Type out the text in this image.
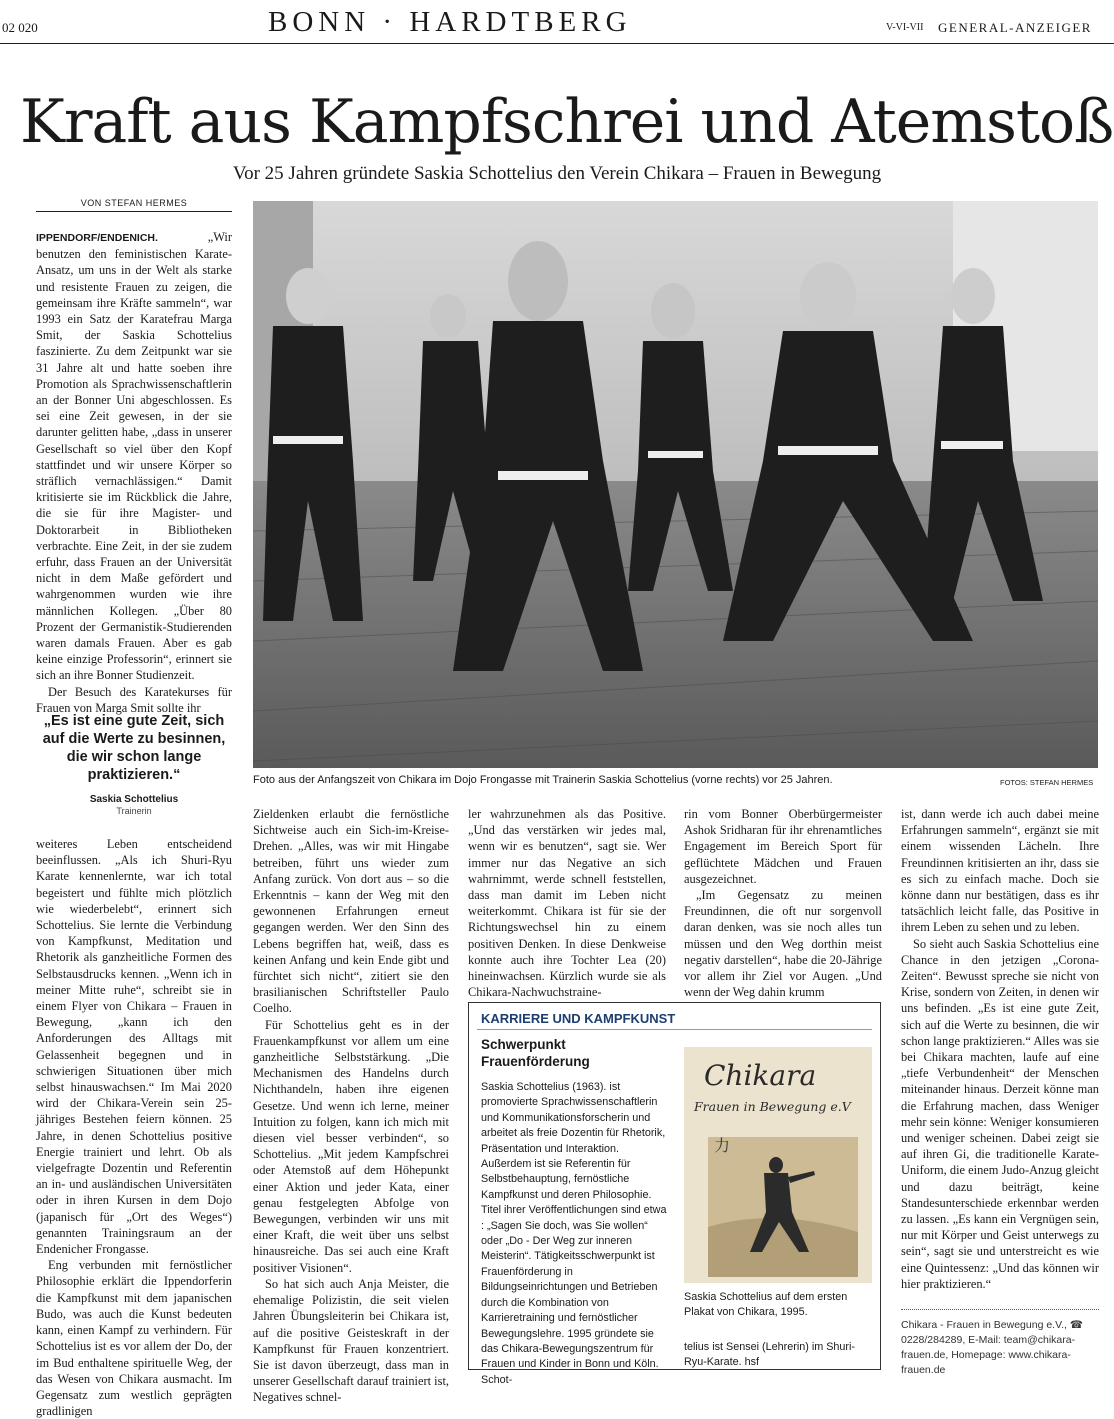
02 020	BONN · HARDTBERG	V-VI-VII GENERAL-ANZEIGER
Kraft aus Kampfschrei und Atemstoß
Vor 25 Jahren gründete Saskia Schottelius den Verein Chikara – Frauen in Bewegung
VON STEFAN HERMES

IPPENDORF/ENDENICH.	„Wir benutzen den feministischen Karate-Ansatz, um uns in der Welt als starke und resistente Frauen zu zeigen, die gemeinsam ihre Kräfte sammeln“, war 1993 ein Satz der Karatefrau Marga Smit, der Saskia Schottelius faszinierte. Zu dem Zeitpunkt war sie 31 Jahre alt und hatte soeben ihre Promotion als Sprachwissenschaftlerin an der Bonner Uni abgeschlossen. Es sei eine Zeit gewesen, in der sie darunter gelitten habe, „dass in unserer Gesellschaft so viel über den Kopf stattfindet und wir unsere Körper so sträflich vernachlässigen.“ Damit kritisierte sie im Rückblick die Jahre, die sie für ihre Magister- und Doktorarbeit in Bibliotheken verbrachte. Eine Zeit, in der sie zudem erfuhr, dass Frauen an der Universität nicht in dem Maße gefördert und wahrgenommen wurden wie ihre männlichen Kollegen. „Über 80 Prozent der Germanistik-Studierenden waren damals Frauen. Aber es gab keine einzige Professorin“, erinnert sie sich an ihre Bonner Studienzeit.

Der Besuch des Karatekurses für Frauen von Marga Smit sollte ihr

„Es ist eine gute Zeit, sich auf die Werte zu besinnen, die wir schon lange praktizieren.“
Saskia Schottelius
Trainerin

weiteres Leben entscheidend beeinflussen. „Als ich Shuri-Ryu Karate kennenlernte, war ich total begeistert und fühlte mich plötzlich wie wiederbelebt“, erinnert sich Schottelius. Sie lernte die Verbindung von Kampfkunst, Meditation und Rhetorik als ganzheitliche Formen des Selbstausdrucks kennen. „Wenn ich in meiner Mitte ruhe“, schreibt sie in einem Flyer von Chikara – Frauen in Bewegung, „kann ich den Anforderungen des Alltags mit Gelassenheit begegnen und in schwierigen Situationen über mich selbst hinauswachsen.“ Im Mai 2020 wird der Chikara-Verein sein 25-jähriges Bestehen feiern können. 25 Jahre, in denen Schottelius positive Energie trainiert und lehrt. Ob als vielgefragte Dozentin und Referentin an in- und ausländischen Universitäten oder in ihren Kursen in dem Dojo (japanisch für „Ort des Weges“) genannten Trainingsraum an der Endenicher Frongasse.

Eng verbunden mit fernöstlicher Philosophie erklärt die Ippendorferin die Kampfkunst mit dem japanischen Budo, was auch die Kunst bedeuten kann, einen Kampf zu verhindern. Für Schottelius ist es vor allem der Do, der im Bud enthaltene spirituelle Weg, der das Wesen von Chikara ausmacht. Im Gegensatz zum westlich geprägten gradlinigen

Foto aus der Anfangszeit von Chikara im Dojo Frongasse mit Trainerin Saskia Schottelius (vorne rechts) vor 25 Jahren.	FOTOS: STEFAN HERMES

Zieldenken erlaubt die fernöstliche Sichtweise auch ein Sich-im-Kreise-Drehen. „Alles, was wir mit Hingabe betreiben, führt uns wieder zum Anfang zurück. Von dort aus – so die Erkenntnis – kann der Weg mit den gewonnenen Erfahrungen erneut gegangen werden. Wer den Sinn des Lebens begriffen hat, weiß, dass es keinen Anfang und kein Ende gibt und fürchtet sich nicht“, zitiert sie den brasilianischen Schriftsteller Paulo Coelho.

Für Schottelius geht es in der Frauenkampfkunst vor allem um eine ganzheitliche Selbststärkung. „Die Mechanismen des Handelns durch Nichthandeln, haben ihre eigenen Gesetze. Und wenn ich lerne, meiner Intuition zu folgen, kann ich mich mit diesen viel besser verbinden“, so Schottelius. „Mit jedem Kampfschrei oder Atemstoß auf dem Höhepunkt einer Aktion und jeder Kata, einer genau festgelegten Abfolge von Bewegungen, verbinden wir uns mit einer Kraft, die weit über uns selbst hinausreiche. Das sei auch eine Kraft positiver Visionen“.

So hat sich auch Anja Meister, die ehemalige Polizistin, die seit vielen Jahren Übungsleiterin bei Chikara ist, auf die positive Geisteskraft in der Kampfkunst für Frauen konzentriert. Sie ist davon überzeugt, dass man in unserer Gesellschaft darauf trainiert ist, Negatives schnel-

ler wahrzunehmen als das Positive. „Und das verstärken wir jedes mal, wenn wir es benutzen“, sagt sie. Wer immer nur das Negative an sich wahrnimmt, werde schnell feststellen, dass man damit im Leben nicht weiterkommt. Chikara ist für sie der Richtungswechsel hin zu einem positiven Denken. In diese Denkweise konnte auch ihre Tochter Lea (20) hineinwachsen. Kürzlich wurde sie als Chikara-Nachwuchstraine-

rin vom Bonner Oberbürgermeister Ashok Sridharan für ihr ehrenamtliches Engagement im Bereich Sport für geflüchtete Mädchen und Frauen ausgezeichnet.

„Im Gegensatz zu meinen Freundinnen, die oft nur sorgenvoll daran denken, was sie noch alles tun müssen und den Weg dorthin meist negativ darstellen“, habe die 20-Jährige vor allem ihr Ziel vor Augen. „Und wenn der Weg dahin krumm

ist, dann werde ich auch dabei meine Erfahrungen sammeln“, ergänzt sie mit einem wissenden Lächeln. Ihre Freundinnen kritisierten an ihr, dass sie es sich zu einfach mache. Doch sie könne dann nur bestätigen, dass es ihr tatsächlich leicht falle, das Positive in ihrem Leben zu sehen und zu leben.

So sieht auch Saskia Schottelius eine Chance in den jetzigen „Corona-Zeiten“. Bewusst spreche sie nicht von Krise, sondern von Zeiten, in denen wir uns befinden. „Es ist eine gute Zeit, sich auf die Werte zu besinnen, die wir schon lange praktizieren.“ Alles was sie bei Chikara machten, laufe auf eine „tiefe Verbundenheit“ der Menschen miteinander hinaus. Derzeit könne man die Erfahrung machen, dass Weniger mehr sein könne: Weniger konsumieren und weniger scheinen. Dabei zeigt sie auf ihren Gi, die traditionelle Karate-Uniform, die einem Judo-Anzug gleicht und dazu beiträgt, keine Standesunterschiede erkennbar werden zu lassen. „Es kann ein Vergnügen sein, nur mit Körper und Geist unterwegs zu sein“, sagt sie und unterstreicht es wie eine Quintessenz: „Und das können wir hier praktizieren.“

KARRIERE UND KAMPFKUNST
Schwerpunkt Frauenförderung
Saskia Schottelius (1963). ist promovierte Sprachwissenschaftlerin und Kommunikationsforscherin und arbeitet als freie Dozentin für Rhetorik, Präsentation und Interaktion. Außerdem ist sie Referentin für Selbstbehauptung, fernöstliche Kampfkunst und deren Philosophie. Titel ihrer Veröffentlichungen sind etwa : „Sagen Sie doch, was Sie wollen“ oder „Do - Der Weg zur inneren Meisterin“. Tätigkeitsschwerpunkt ist Frauenförderung in Bildungseinrichtungen und Betrieben durch die Kombination von Karrieretraining und fernöstlicher Bewegungslehre. 1995 gründete sie das Chikara-Bewegungszentrum für Frauen und Kinder in Bonn und Köln. Schot-
Chikara
Frauen in Bewegung e.V
力
Saskia Schottelius auf dem ersten Plakat von Chikara, 1995.
telius ist Sensei (Lehrerin) im Shuri-Ryu-Karate. hsf
Chikara - Frauen in Bewegung e.V., ☎ 0228/284289, E-Mail: team@chikara-frauen.de, Homepage: www.chikara-frauen.de
